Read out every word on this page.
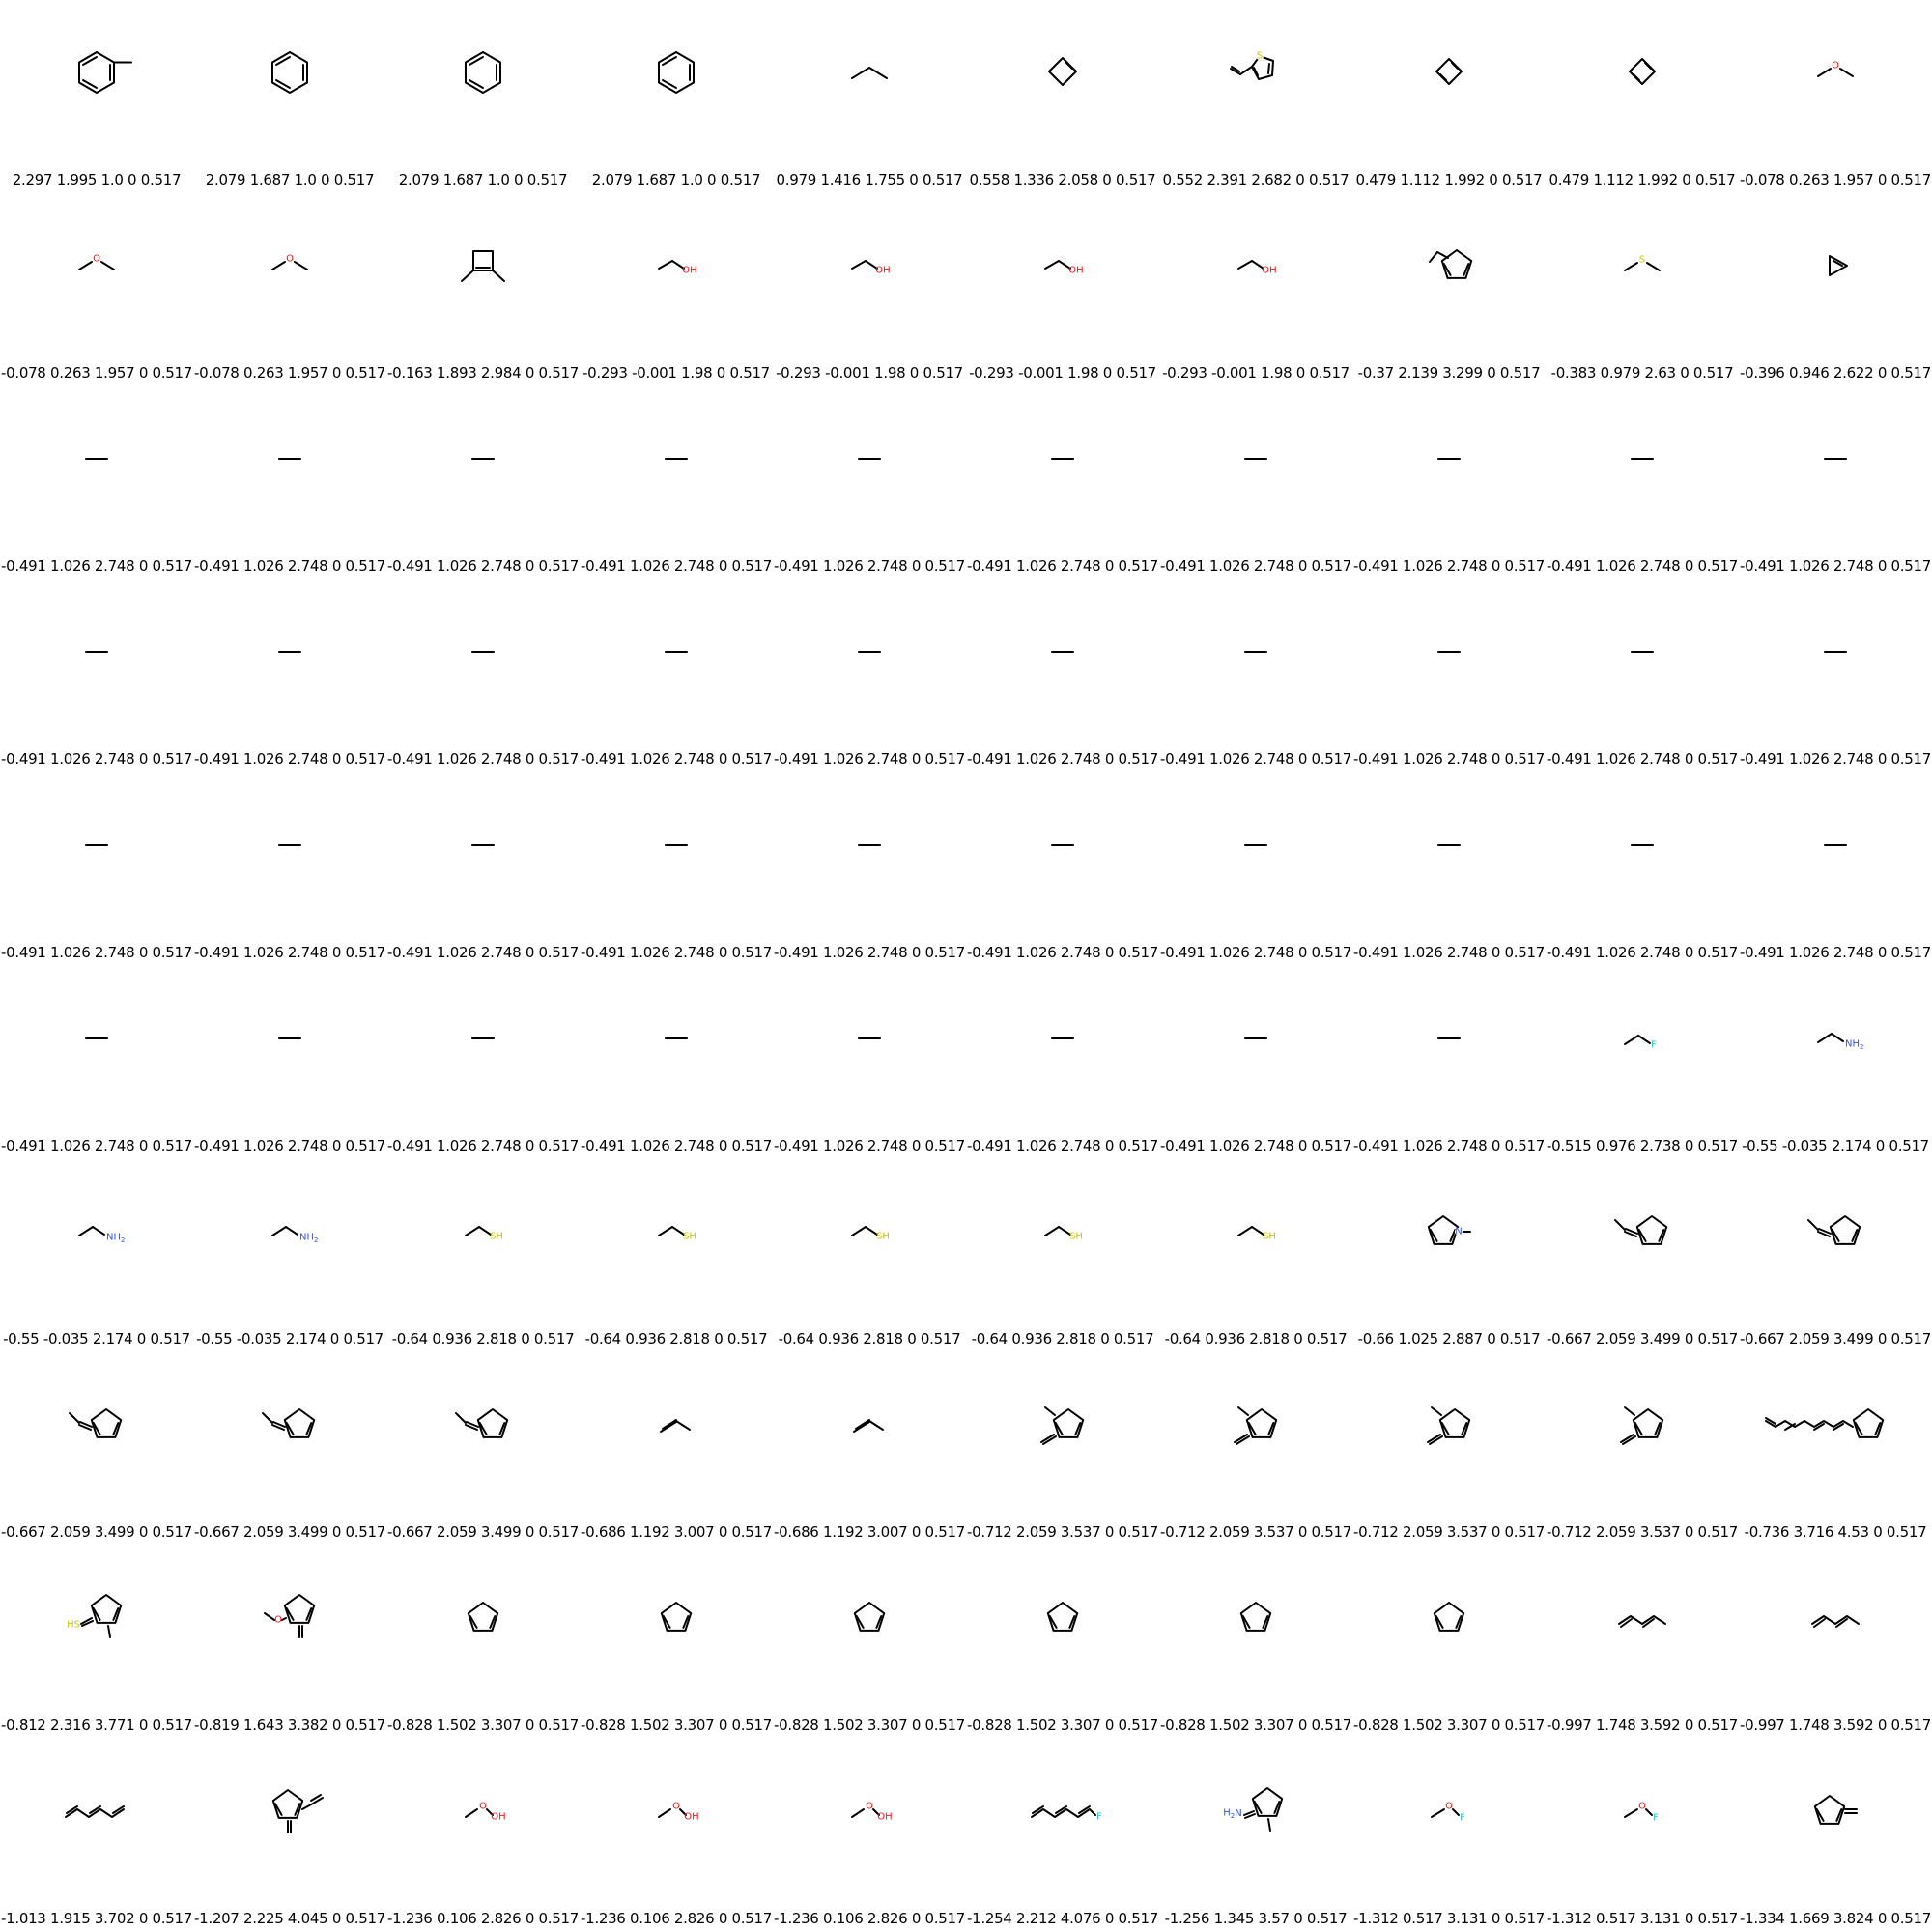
2.297 1.995 1.0 0 0.517	2.079 1.687 1.0 0 0.517	2.079 1.687 1.0 0 0.517	2.079 1.687 1.0 0 0.517	0.979 1.416 1.755 0 0.517 0.558 1.336 2.058 0 0.517
S
0.552 2.391 2.682 0 0.517 0.479 1.112 1.992 0 0.517 0.479 1.112 1.992 0 0.517
O
-0.078 0.263 1.957 0 0.517
O
-0.078 0.263 1.957 0 0.517
O
-0.078 0.263 1.957 0 0.517 -0.163 1.893 2.984 0 0.517
OH
-0.293 -0.001 1.98 0 0.517
OH
-0.293 -0.001 1.98 0 0.517
OH
-0.293 -0.001 1.98 0 0.517
OH
-0.293 -0.001 1.98 0 0.517 -0.37 2.139 3.299 0 0.517
S
-0.383 0.979 2.63 0 0.517 -0.396 0.946 2.622 0 0.517
-0.491 1.026 2.748 0 0.517 -0.491 1.026 2.748 0 0.517 -0.491 1.026 2.748 0 0.517 -0.491 1.026 2.748 0 0.517 -0.491 1.026 2.748 0 0.517 -0.491 1.026 2.748 0 0.517 -0.491 1.026 2.748 0 0.517 -0.491 1.026 2.748 0 0.517 -0.491 1.026 2.748 0 0.517 -0.491 1.026 2.748 0 0.517
-0.491 1.026 2.748 0 0.517 -0.491 1.026 2.748 0 0.517 -0.491 1.026 2.748 0 0.517 -0.491 1.026 2.748 0 0.517 -0.491 1.026 2.748 0 0.517 -0.491 1.026 2.748 0 0.517 -0.491 1.026 2.748 0 0.517 -0.491 1.026 2.748 0 0.517 -0.491 1.026 2.748 0 0.517 -0.491 1.026 2.748 0 0.517
-0.491 1.026 2.748 0 0.517 -0.491 1.026 2.748 0 0.517 -0.491 1.026 2.748 0 0.517 -0.491 1.026 2.748 0 0.517 -0.491 1.026 2.748 0 0.517 -0.491 1.026 2.748 0 0.517 -0.491 1.026 2.748 0 0.517 -0.491 1.026 2.748 0 0.517 -0.491 1.026 2.748 0 0.517 -0.491 1.026 2.748 0 0.517
-0.491 1.026 2.748 0 0.517 -0.491 1.026 2.748 0 0.517 -0.491 1.026 2.748 0 0.517 -0.491 1.026 2.748 0 0.517 -0.491 1.026 2.748 0 0.517 -0.491 1.026 2.748 0 0.517 -0.491 1.026 2.748 0 0.517 -0.491 1.026 2.748 0 0.517
F
-0.515 0.976 2.738 0 0.517
$NH_2$
-0.55 -0.035 2.174 0 0.517
$NH_2$
-0.55 -0.035 2.174 0 0.517
$NH_2$
-0.55 -0.035 2.174 0 0.517
SH
-0.64 0.936 2.818 0 0.517
SH
-0.64 0.936 2.818 0 0.517
SH
-0.64 0.936 2.818 0 0.517
SH
-0.64 0.936 2.818 0 0.517
SH
-0.64 0.936 2.818 0 0.517
N
-0.66 1.025 2.887 0 0.517 -0.667 2.059 3.499 0 0.517 -0.667 2.059 3.499 0 0.517
-0.667 2.059 3.499 0 0.517 -0.667 2.059 3.499 0 0.517 -0.667 2.059 3.499 0 0.517 -0.686 1.192 3.007 0 0.517 -0.686 1.192 3.007 0 0.517 -0.712 2.059 3.537 0 0.517 -0.712 2.059 3.537 0 0.517 -0.712 2.059 3.537 0 0.517 -0.712 2.059 3.537 0 0.517 -0.736 3.716 4.53 0 0.517
HS
-0.812 2.316 3.771 0 0.517
O
-0.819 1.643 3.382 0 0.517 -0.828 1.502 3.307 0 0.517 -0.828 1.502 3.307 0 0.517 -0.828 1.502 3.307 0 0.517 -0.828 1.502 3.307 0 0.517 -0.828 1.502 3.307 0 0.517 -0.828 1.502 3.307 0 0.517 -0.997 1.748 3.592 0 0.517 -0.997 1.748 3.592 0 0.517
-1.013 1.915 3.702 0 0.517 -1.207 2.225 4.045 0 0.517
O
OH
-1.236 0.106 2.826 0 0.517
O
OH
-1.236 0.106 2.826 0 0.517
O
OH
-1.236 0.106 2.826 0 0.517
F
-1.254 2.212 4.076 0 0.517
$H_2N$
-1.256 1.345 3.57 0 0.517
O
F
-1.312 0.517 3.131 0 0.517
O
F
-1.312 0.517 3.131 0 0.517 -1.334 1.669 3.824 0 0.517
